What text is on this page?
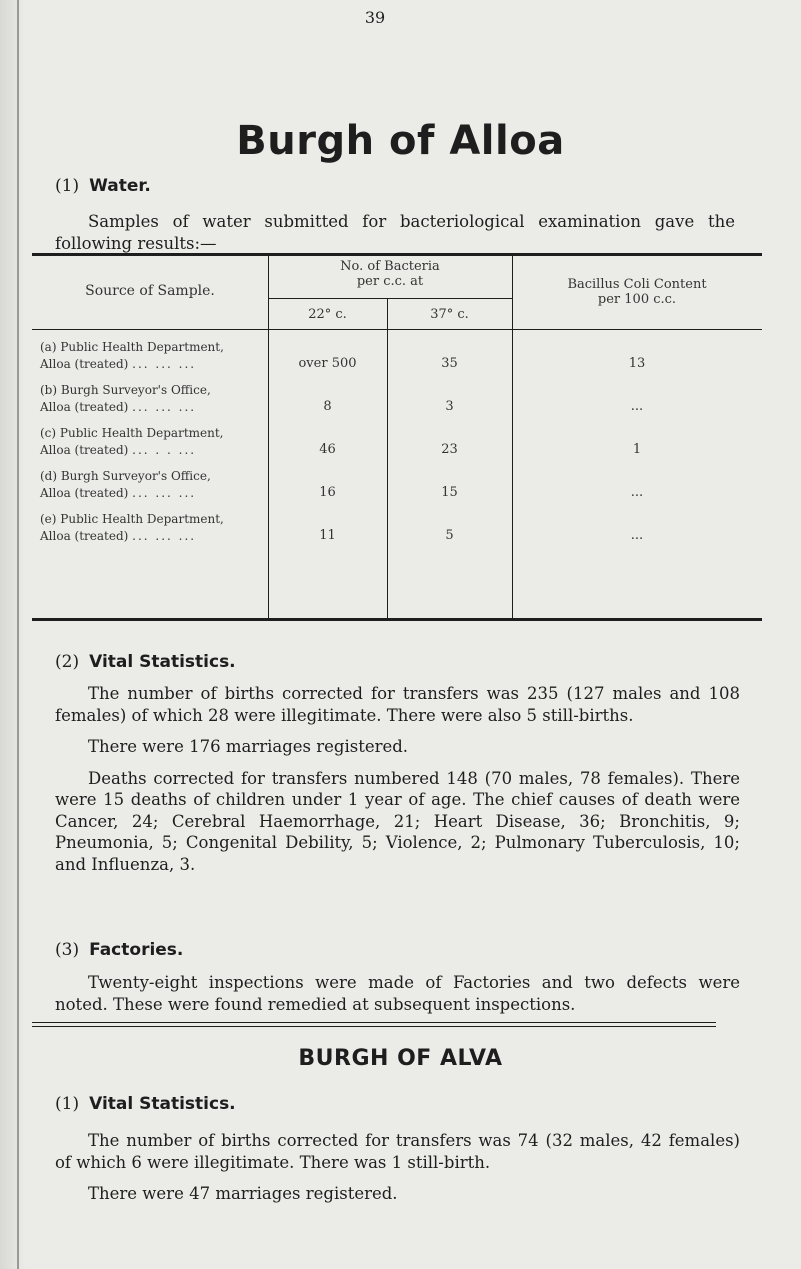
39
Burgh of Alloa
(1) Water.

Samples of water submitted for bacteriological examination gave the following results:—

Source of Sample.
No. of Bacteria
per c.c. at
22° c.	37° c.
Bacillus Coli Content
per 100 c.c.
(a) Public Health Department,
Alloa (treated) ... ... ...	over 500	35	13
(b) Burgh Surveyor's Office,
Alloa (treated) ... ... ...	8	3	...
(c) Public Health Department,
Alloa (treated) ... . . ...	46	23	1
(d) Burgh Surveyor's Office,
Alloa (treated) ... ... ...	16	15	...
(e) Public Health Department,
Alloa (treated) ... ... ...	11	5	...
(2) Vital Statistics.

The number of births corrected for transfers was 235 (127 males and 108 females) of which 28 were illegitimate. There were also 5 still-births.

There were 176 marriages registered.

Deaths corrected for transfers numbered 148 (70 males, 78 females). There were 15 deaths of children under 1 year of age. The chief causes of death were Cancer, 24; Cerebral Haemorrhage, 21; Heart Disease, 36; Bronchitis, 9; Pneumonia, 5; Congenital Debility, 5; Violence, 2; Pulmonary Tuberculosis, 10; and Influenza, 3.

(3) Factories.

Twenty-eight inspections were made of Factories and two defects were noted. These were found remedied at subsequent inspections.

BURGH OF ALVA
(1) Vital Statistics.

The number of births corrected for transfers was 74 (32 males, 42 females) of which 6 were illegitimate. There was 1 still-birth.

There were 47 marriages registered.
